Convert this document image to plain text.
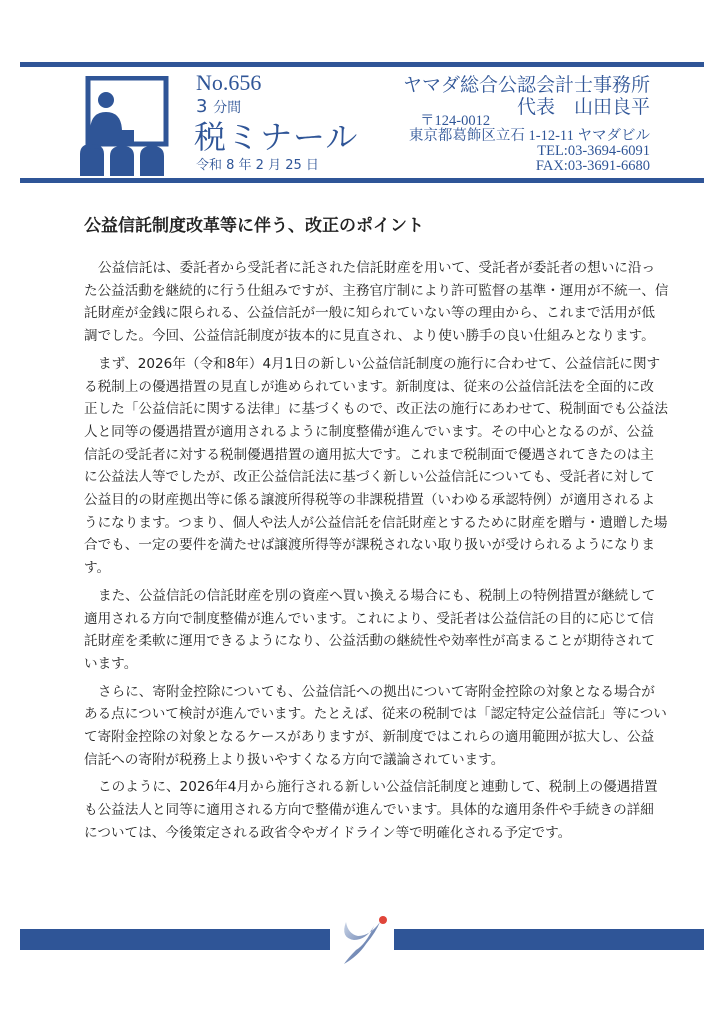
No.656
3 分間
税ミナール
令和 8 年 2 月 25 日
ヤマダ総合公認会計士事務所
代表　山田良平
〒124-0012
東京都葛飾区立石 1-12-11 ヤマダビル
TEL:03-3694-6091
FAX:03-3691-6680
公益信託制度改革等に伴う、改正のポイント
公益信託は、委託者から受託者に託された信託財産を用いて、受託者が委託者の想いに沿っ
た公益活動を継続的に行う仕組みですが、主務官庁制により許可監督の基準・運用が不統一、信
託財産が金銭に限られる、公益信託が一般に知られていない等の理由から、これまで活用が低
調でした。今回、公益信託制度が抜本的に見直され、より使い勝手の良い仕組みとなります。
まず、2026年（令和8年）4月1日の新しい公益信託制度の施行に合わせて、公益信託に関す
る税制上の優遇措置の見直しが進められています。新制度は、従来の公益信託法を全面的に改
正した「公益信託に関する法律」に基づくもので、改正法の施行にあわせて、税制面でも公益法
人と同等の優遇措置が適用されるように制度整備が進んでいます。その中心となるのが、公益
信託の受託者に対する税制優遇措置の適用拡大です。これまで税制面で優遇されてきたのは主
に公益法人等でしたが、改正公益信託法に基づく新しい公益信託についても、受託者に対して
公益目的の財産拠出等に係る譲渡所得税等の非課税措置（いわゆる承認特例）が適用されるよ
うになります。つまり、個人や法人が公益信託を信託財産とするために財産を贈与・遺贈した場
合でも、一定の要件を満たせば譲渡所得等が課税されない取り扱いが受けられるようになりま
す。
また、公益信託の信託財産を別の資産へ買い換える場合にも、税制上の特例措置が継続して
適用される方向で制度整備が進んでいます。これにより、受託者は公益信託の目的に応じて信
託財産を柔軟に運用できるようになり、公益活動の継続性や効率性が高まることが期待されて
います。
さらに、寄附金控除についても、公益信託への拠出について寄附金控除の対象となる場合が
ある点について検討が進んでいます。たとえば、従来の税制では「認定特定公益信託」等につい
て寄附金控除の対象となるケースがありますが、新制度ではこれらの適用範囲が拡大し、公益
信託への寄附が税務上より扱いやすくなる方向で議論されています。
このように、2026年4月から施行される新しい公益信託制度と連動して、税制上の優遇措置
も公益法人と同等に適用される方向で整備が進んでいます。具体的な適用条件や手続きの詳細
については、今後策定される政省令やガイドライン等で明確化される予定です。
